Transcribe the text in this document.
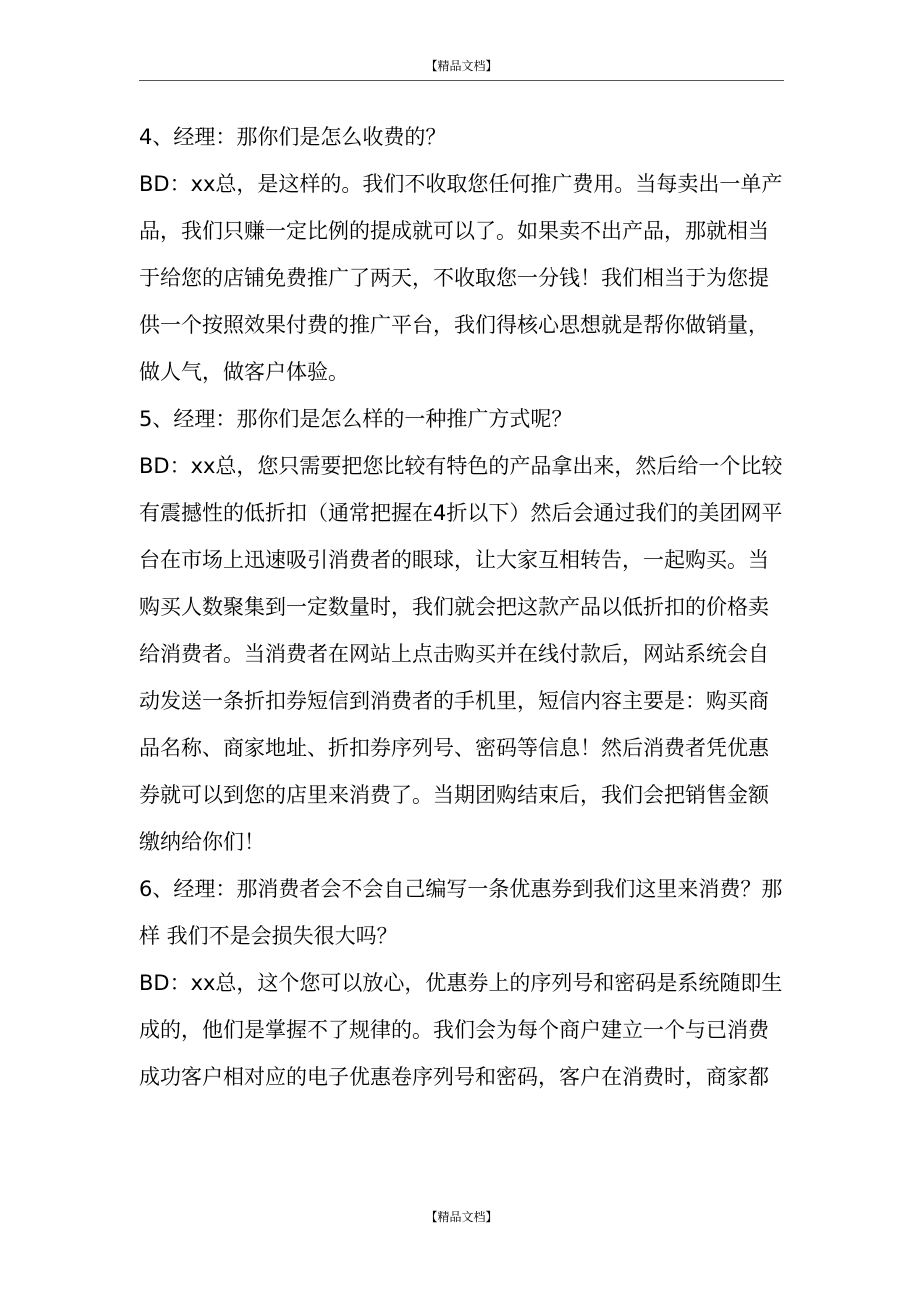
【精品文档】
4、经理：那你们是怎么收费的？
BD：xx总，是这样的。我们不收取您任何推广费用。当每卖出一单产
品，我们只赚一定比例的提成就可以了。如果卖不出产品，那就相当
于给您的店铺免费推广了两天，不收取您一分钱！我们相当于为您提
供一个按照效果付费的推广平台，我们得核心思想就是帮你做销量，
做人气，做客户体验。
5、经理：那你们是怎么样的一种推广方式呢？
BD：xx总，您只需要把您比较有特色的产品拿出来，然后给一个比较
有震撼性的低折扣（通常把握在4折以下）然后会通过我们的美团网平
台在市场上迅速吸引消费者的眼球，让大家互相转告，一起购买。当
购买人数聚集到一定数量时，我们就会把这款产品以低折扣的价格卖
给消费者。当消费者在网站上点击购买并在线付款后，网站系统会自
动发送一条折扣券短信到消费者的手机里，短信内容主要是：购买商
品名称、商家地址、折扣券序列号、密码等信息！然后消费者凭优惠
券就可以到您的店里来消费了。当期团购结束后，我们会把销售金额
缴纳给你们！
6、经理：那消费者会不会自己编写一条优惠券到我们这里来消费？那
样 我们不是会损失很大吗？
BD：xx总，这个您可以放心，优惠券上的序列号和密码是系统随即生
成的，他们是掌握不了规律的。我们会为每个商户建立一个与已消费
成功客户相对应的电子优惠卷序列号和密码，客户在消费时，商家都
【精品文档】
